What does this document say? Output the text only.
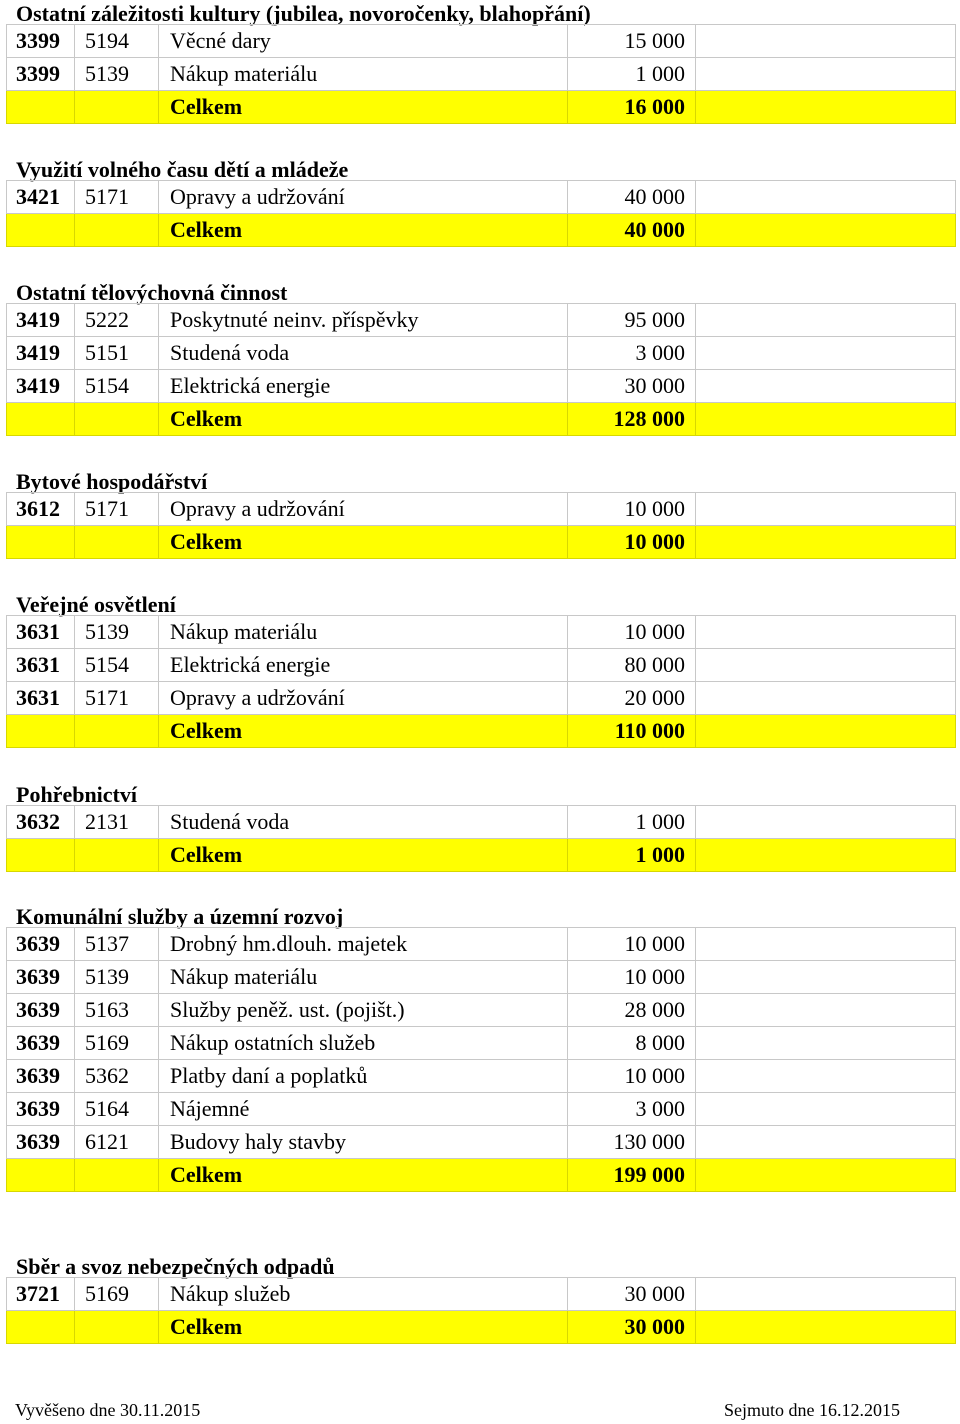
Ostatní záležitosti kultury (jubilea, novoročenky, blahopřání)
3399	5194	Věcné dary	15 000	
3399	5139	Nákup materiálu	1 000	
		Celkem	16 000	
Využití volného času dětí a mládeže
3421	5171	Opravy a udržování	40 000	
		Celkem	40 000	
Ostatní tělovýchovná činnost
3419	5222	Poskytnuté neinv. příspěvky	95 000	
3419	5151	Studená voda	3 000	
3419	5154	Elektrická energie	30 000	
		Celkem	128 000	
Bytové hospodářství
3612	5171	Opravy a udržování	10 000	
		Celkem	10 000	
Veřejné osvětlení
3631	5139	Nákup materiálu	10 000	
3631	5154	Elektrická energie	80 000	
3631	5171	Opravy a udržování	20 000	
		Celkem	110 000	
Pohřebnictví
3632	2131	Studená voda	1 000	
		Celkem	1 000	
Komunální služby a územní rozvoj
3639	5137	Drobný hm.dlouh. majetek	10 000	
3639	5139	Nákup materiálu	10 000	
3639	5163	Služby peněž. ust. (pojišt.)	28 000	
3639	5169	Nákup ostatních služeb	8 000	
3639	5362	Platby daní a poplatků	10 000	
3639	5164	Nájemné	3 000	
3639	6121	Budovy haly stavby	130 000	
		Celkem	199 000	
Sběr a svoz nebezpečných odpadů
3721	5169	Nákup služeb	30 000	
		Celkem	30 000	
Vyvěšeno dne 30.11.2015	Sejmuto dne 16.12.2015
